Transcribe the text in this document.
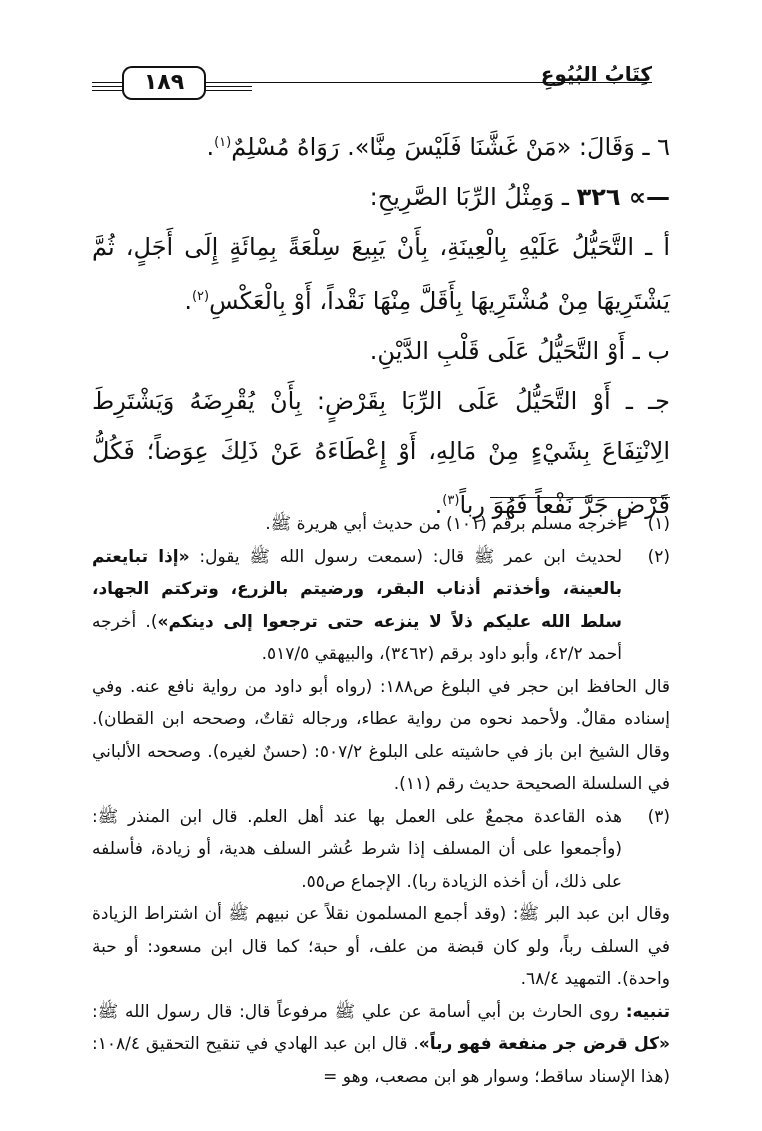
كِتَابُ البُيُوعِ
١٨٩

٦ ـ وَقَالَ: «مَنْ غَشَّنَا فَلَيْسَ مِنَّا». رَوَاهُ مُسْلِمٌ$^{(١)}$.

—∝ ٣٢٦ ـ وَمِثْلُ الرِّبَا الصَّرِيحِ:

أ ـ التَّحَيُّلُ عَلَيْهِ بِالْعِينَةِ، بِأَنْ يَبِيعَ سِلْعَةً بِمِائَةٍ إِلَى أَجَلٍ، ثُمَّ يَشْتَرِيهَا مِنْ مُشْتَرِيهَا بِأَقَلَّ مِنْهَا نَقْداً، أَوْ بِالْعَكْسِ$^{(٢)}$.

ب ـ أَوْ التَّحَيُّلُ عَلَى قَلْبِ الدَّيْنِ.

جـ ـ أَوْ التَّحَيُّلُ عَلَى الرِّبَا بِقَرْضٍ: بِأَنْ يُقْرِضَهُ وَيَشْتَرِطَ الِانْتِفَاعَ بِشَيْءٍ مِنْ مَالِهِ، أَوْ إِعْطَاءَهُ عَنْ ذَلِكَ عِوَضاً؛ فَكُلُّ قَرْضٍ جَرَّ نَفْعاً فَهُوَ رِباً$^{(٣)}$.

(١)
أخرجه مسلم برقم (١٠١) من حديث أبي هريرة ﷺ.
(٢)
لحديث ابن عمر ﷺ قال: (سمعت رسول الله ﷺ يقول: «إذا تبايعتم بالعينة، وأخذتم أذناب البقر، ورضيتم بالزرع، وتركتم الجهاد، سلط الله عليكم ذلاً لا ينزعه حتى ترجعوا إلى دينكم»). أخرجه أحمد ٤٢/٢، وأبو داود برقم (٣٤٦٢)، والبيهقي ٥١٧/٥.

قال الحافظ ابن حجر في البلوغ ص١٨٨: (رواه أبو داود من رواية نافع عنه. وفي إسناده مقالٌ. ولأحمد نحوه من رواية عطاء، ورجاله ثقاتٌ، وصححه ابن القطان). وقال الشيخ ابن باز في حاشيته على البلوغ ٥٠٧/٢: (حسنٌ لغيره). وصححه الألباني في السلسلة الصحيحة حديث رقم (١١).

(٣)
هذه القاعدة مجمعٌ على العمل بها عند أهل العلم. قال ابن المنذر ﷺ: (وأجمعوا على أن المسلف إذا شرط عُشر السلف هدية، أو زيادة، فأسلفه على ذلك، أن أخذه الزيادة ربا). الإجماع ص٥٥.

وقال ابن عبد البر ﷺ: (وقد أجمع المسلمون نقلاً عن نبيهم ﷺ أن اشتراط الزيادة في السلف رباً، ولو كان قبضة من علف، أو حبة؛ كما قال ابن مسعود: أو حبة واحدة). التمهيد ٦٨/٤.

تنبيه: روى الحارث بن أبي أسامة عن علي ﷺ مرفوعاً قال: قال رسول الله ﷺ: «كل قرض جر منفعة فهو رباً». قال ابن عبد الهادي في تنقيح التحقيق ١٠٨/٤: (هذا الإسناد ساقط؛ وسوار هو ابن مصعب، وهو =
